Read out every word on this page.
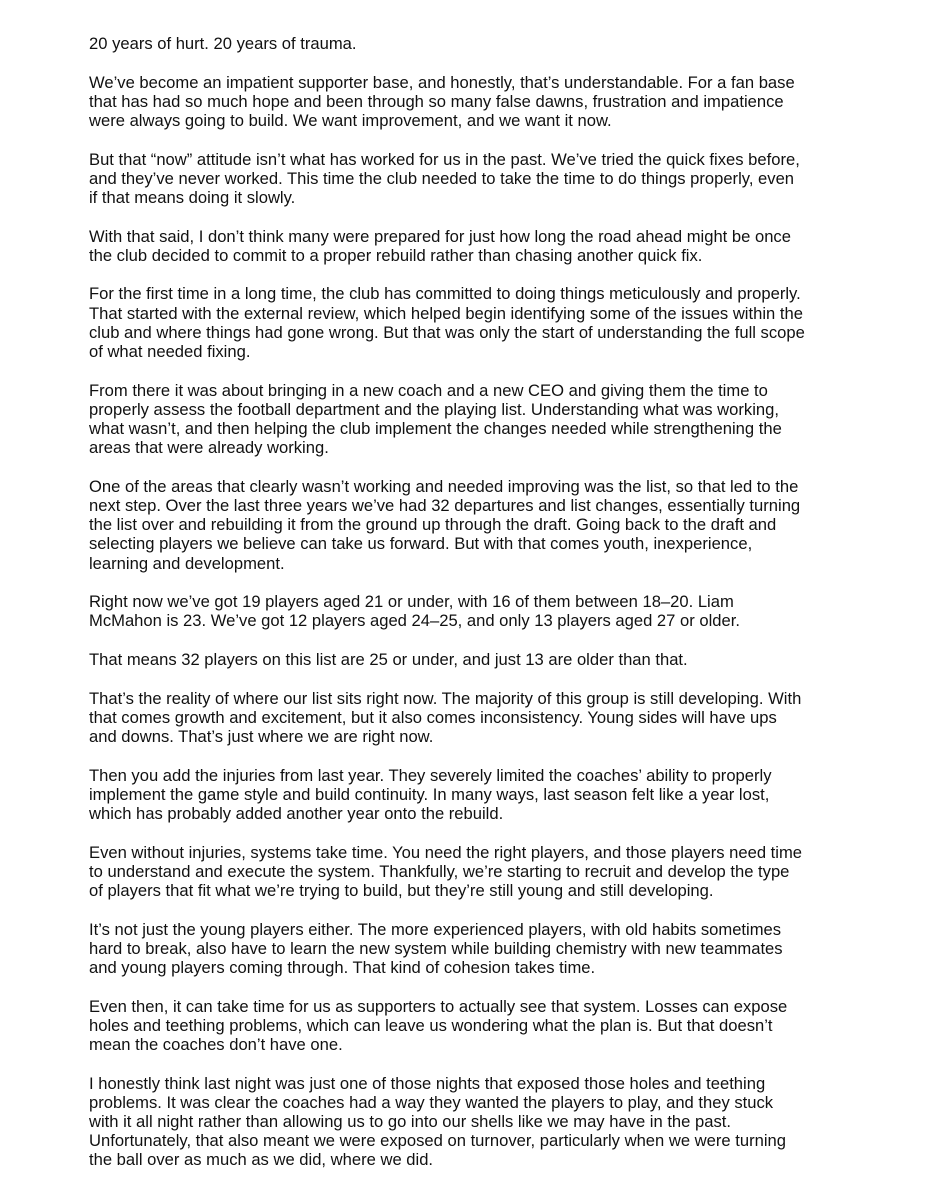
20 years of hurt. 20 years of trauma.

We’ve become an impatient supporter base, and honestly, that’s understandable. For a fan base
that has had so much hope and been through so many false dawns, frustration and impatience
were always going to build. We want improvement, and we want it now.

But that “now” attitude isn’t what has worked for us in the past. We’ve tried the quick fixes before,
and they’ve never worked. This time the club needed to take the time to do things properly, even
if that means doing it slowly.

With that said, I don’t think many were prepared for just how long the road ahead might be once
the club decided to commit to a proper rebuild rather than chasing another quick fix.

For the first time in a long time, the club has committed to doing things meticulously and properly.
That started with the external review, which helped begin identifying some of the issues within the
club and where things had gone wrong. But that was only the start of understanding the full scope
of what needed fixing.

From there it was about bringing in a new coach and a new CEO and giving them the time to
properly assess the football department and the playing list. Understanding what was working,
what wasn’t, and then helping the club implement the changes needed while strengthening the
areas that were already working.

One of the areas that clearly wasn’t working and needed improving was the list, so that led to the
next step. Over the last three years we’ve had 32 departures and list changes, essentially turning
the list over and rebuilding it from the ground up through the draft. Going back to the draft and
selecting players we believe can take us forward. But with that comes youth, inexperience,
learning and development.

Right now we’ve got 19 players aged 21 or under, with 16 of them between 18–20. Liam
McMahon is 23. We’ve got 12 players aged 24–25, and only 13 players aged 27 or older.

That means 32 players on this list are 25 or under, and just 13 are older than that.

That’s the reality of where our list sits right now. The majority of this group is still developing. With
that comes growth and excitement, but it also comes inconsistency. Young sides will have ups
and downs. That’s just where we are right now.

Then you add the injuries from last year. They severely limited the coaches’ ability to properly
implement the game style and build continuity. In many ways, last season felt like a year lost,
which has probably added another year onto the rebuild.

Even without injuries, systems take time. You need the right players, and those players need time
to understand and execute the system. Thankfully, we’re starting to recruit and develop the type
of players that fit what we’re trying to build, but they’re still young and still developing.

It’s not just the young players either. The more experienced players, with old habits sometimes
hard to break, also have to learn the new system while building chemistry with new teammates
and young players coming through. That kind of cohesion takes time.

Even then, it can take time for us as supporters to actually see that system. Losses can expose
holes and teething problems, which can leave us wondering what the plan is. But that doesn’t
mean the coaches don’t have one.

I honestly think last night was just one of those nights that exposed those holes and teething
problems. It was clear the coaches had a way they wanted the players to play, and they stuck
with it all night rather than allowing us to go into our shells like we may have in the past.
Unfortunately, that also meant we were exposed on turnover, particularly when we were turning
the ball over as much as we did, where we did.
